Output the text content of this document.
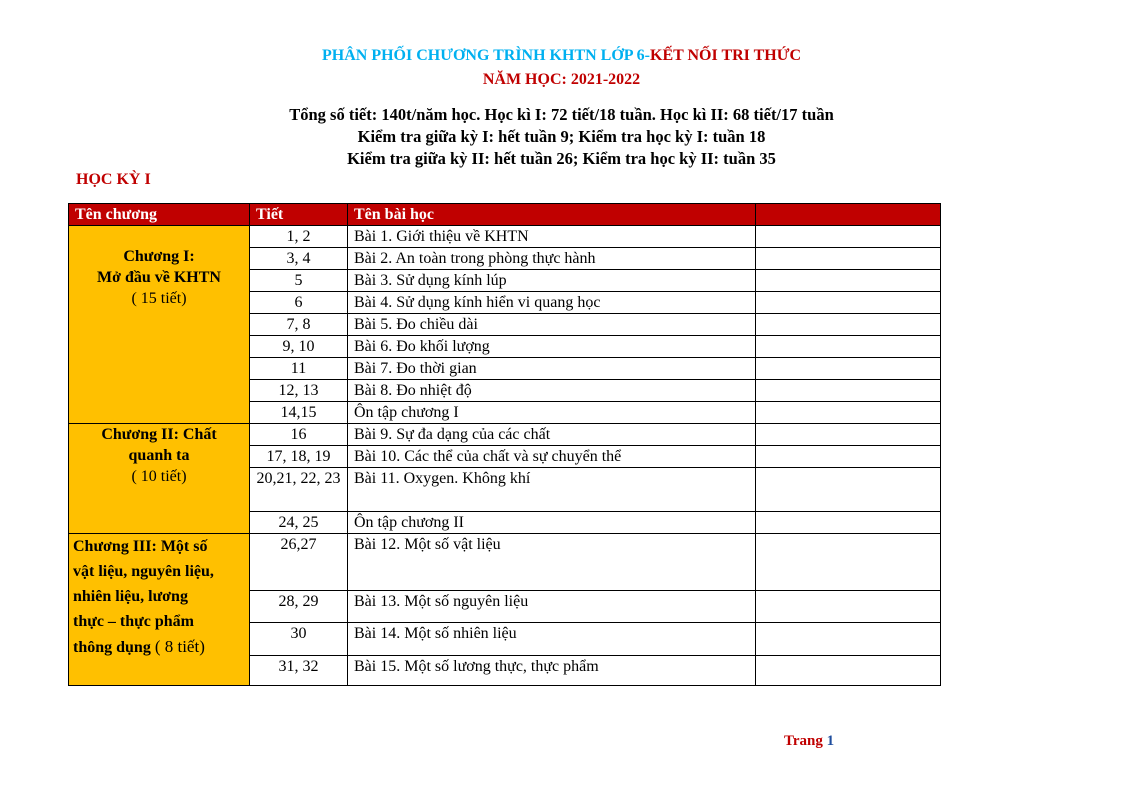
PHÂN PHỐI CHƯƠNG TRÌNH KHTN LỚP 6-KẾT NỐI TRI THỨC
NĂM HỌC: 2021-2022
Tổng số tiết: 140t/năm học. Học kì I: 72 tiết/18 tuần. Học kì II: 68 tiết/17 tuần
Kiểm tra giữa kỳ I: hết tuần 9; Kiểm tra học kỳ I: tuần 18
Kiểm tra giữa kỳ II: hết tuần 26; Kiểm tra học kỳ II: tuần 35
HỌC KỲ I
Tên chương	Tiết	Tên bài học	

Chương I:
Mở đầu về KHTN
( 15 tiết)	1, 2	Bài 1. Giới thiệu về KHTN	
	3, 4	Bài 2. An toàn trong phòng thực hành	
	5	Bài 3. Sử dụng kính lúp	
	6	Bài 4. Sử dụng kính hiển vi quang học	
	7, 8	Bài 5. Đo chiều dài	
	9, 10	Bài 6. Đo khối lượng	
	11	Bài 7. Đo thời gian	
	12, 13	Bài 8. Đo nhiệt độ	
	14,15	Ôn tập chương I	

Chương II: Chất
quanh ta
( 10 tiết)	16	Bài 9. Sự đa dạng của các chất	
	17, 18, 19	Bài 10. Các thể của chất và sự chuyển thể	
	20,21, 22, 23	Bài 11. Oxygen. Không khí	
	24, 25	Ôn tập chương II	

Chương III: Một số
vật liệu, nguyên liệu,
nhiên liệu, lương
thực – thực phẩm
thông dụng ( 8 tiết)	26,27	Bài 12. Một số vật liệu	
	28, 29	Bài 13. Một số nguyên liệu	
	30	Bài 14. Một số nhiên liệu	
	31, 32	Bài 15. Một số lương thực, thực phẩm	
Trang 1
